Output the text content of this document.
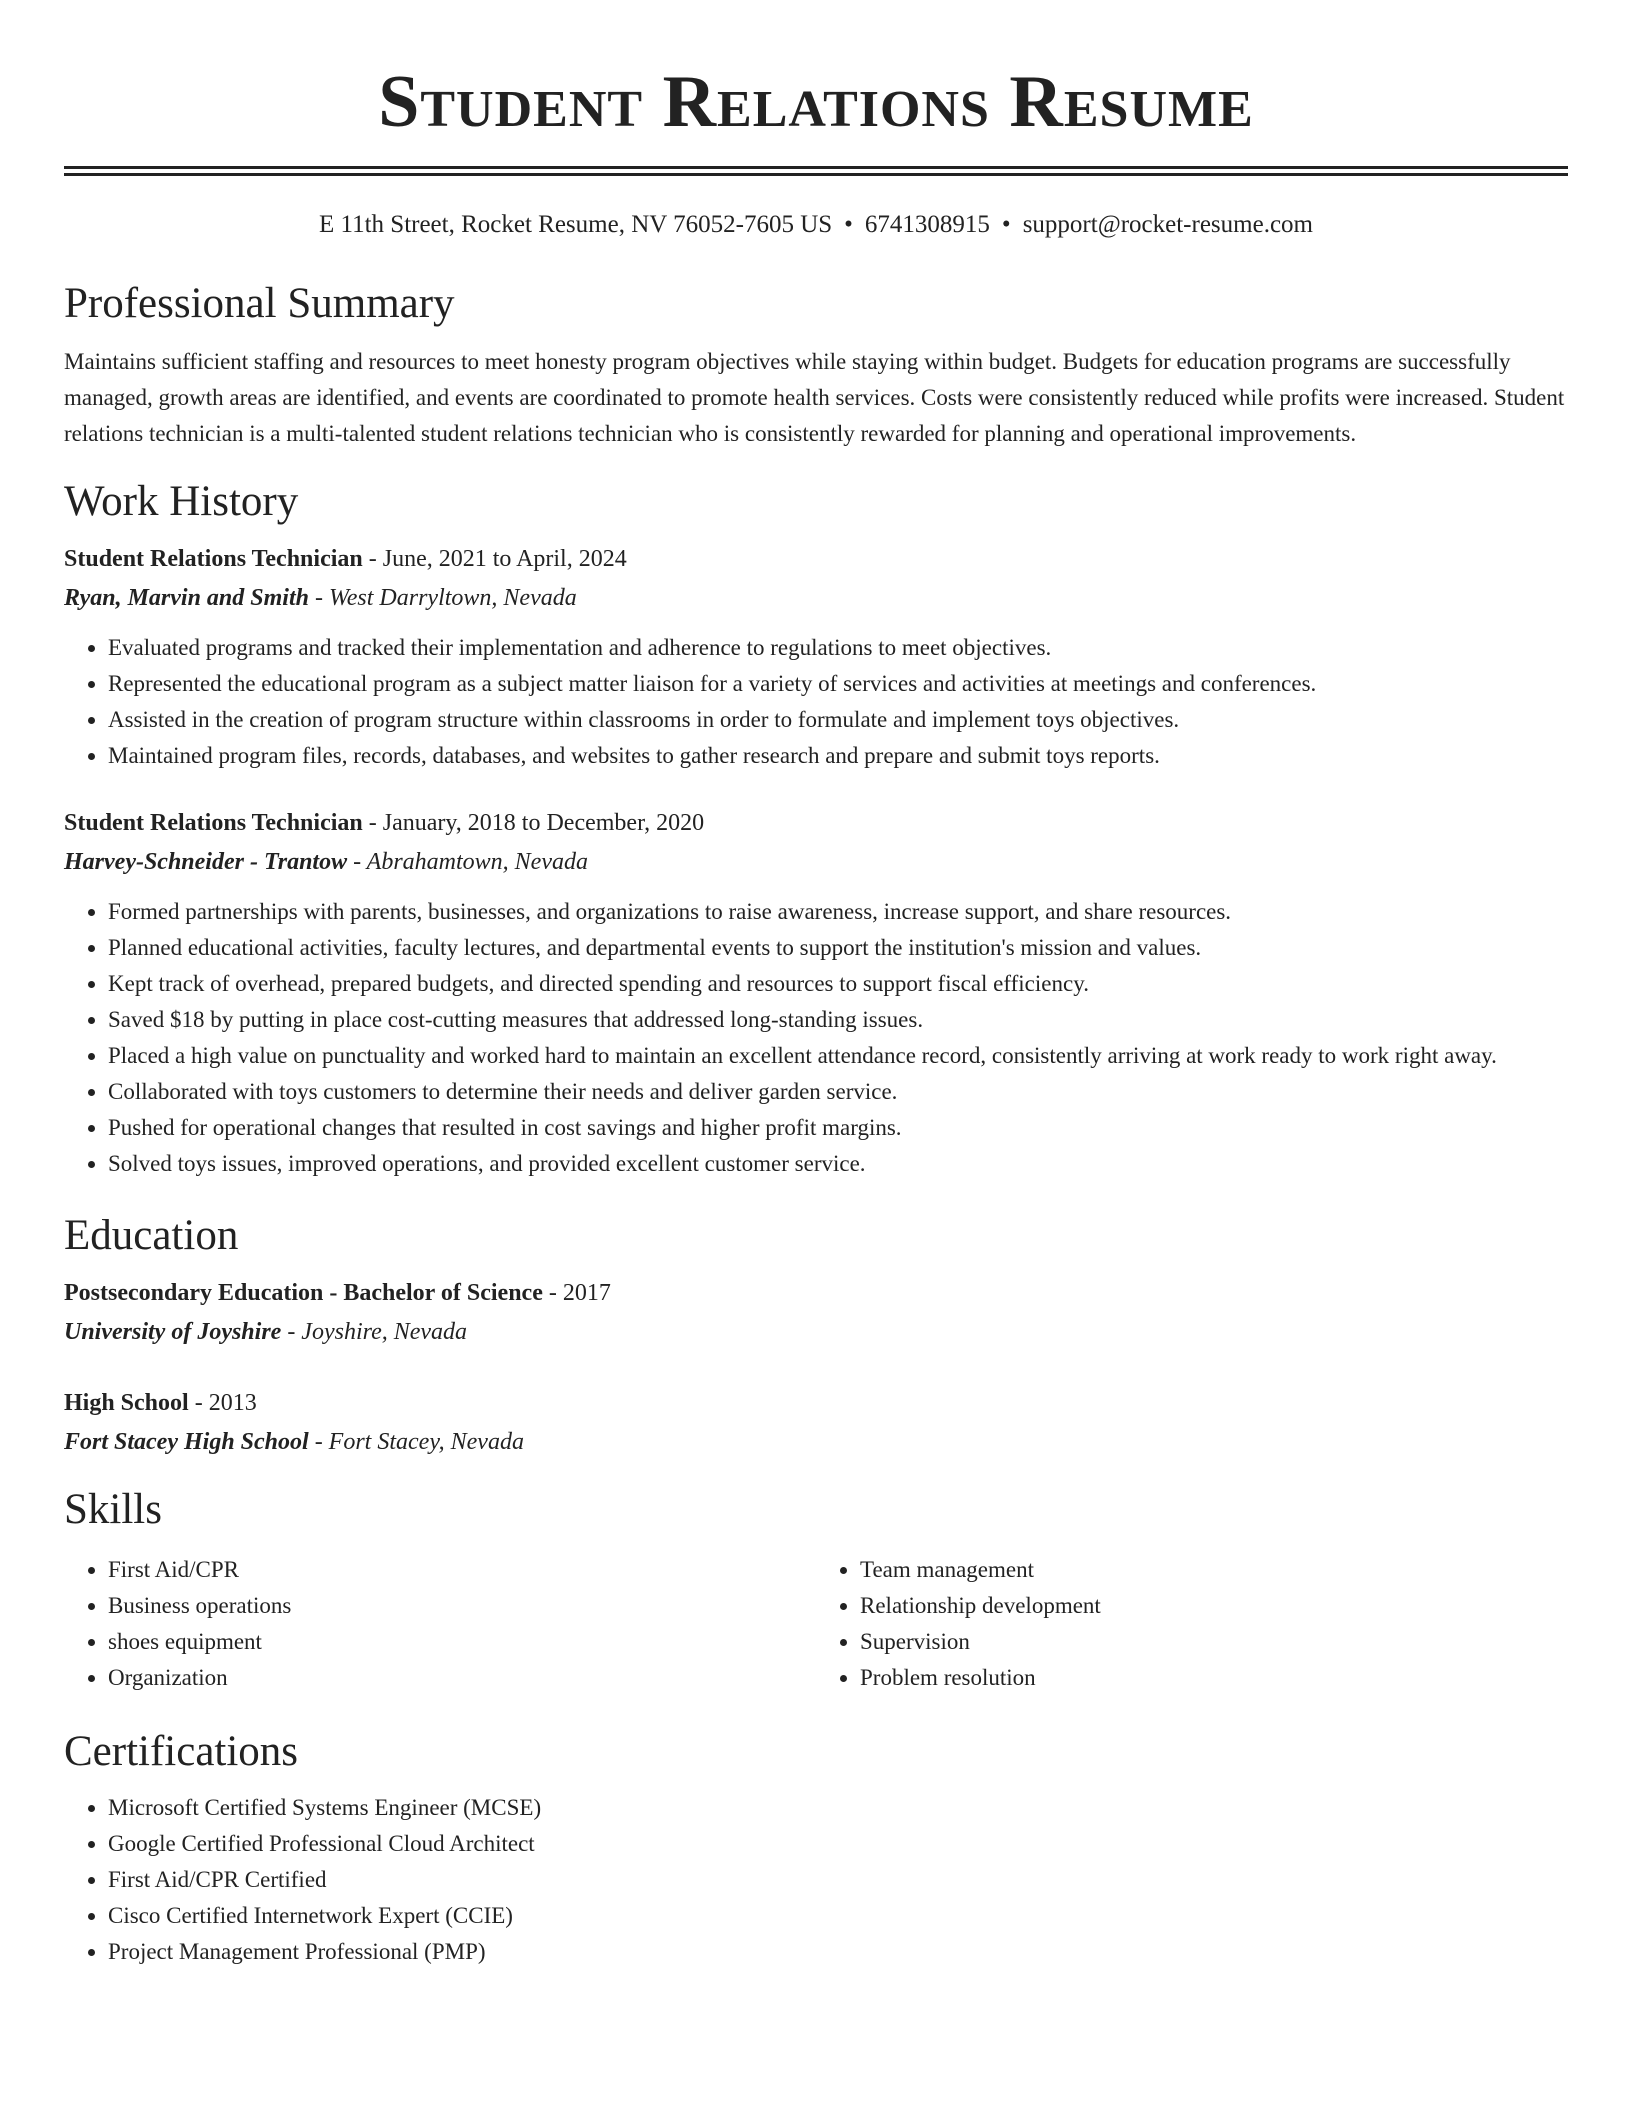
Student Relations Resume
E 11th Street, Rocket Resume, NV 76052-7605 US • 6741308915 • support@rocket-resume.com
Professional Summary

Maintains sufficient staffing and resources to meet honesty program objectives while staying within budget. Budgets for education programs are successfully managed, growth areas are identified, and events are coordinated to promote health services. Costs were consistently reduced while profits were increased. Student relations technician is a multi-talented student relations technician who is consistently rewarded for planning and operational improvements.

Work History
Student Relations Technician - June, 2021 to April, 2024
Ryan, Marvin and Smith - West Darryltown, Nevada
• Evaluated programs and tracked their implementation and adherence to regulations to meet objectives.
• Represented the educational program as a subject matter liaison for a variety of services and activities at meetings and conferences.
• Assisted in the creation of program structure within classrooms in order to formulate and implement toys objectives.
• Maintained program files, records, databases, and websites to gather research and prepare and submit toys reports.
Student Relations Technician - January, 2018 to December, 2020
Harvey-Schneider - Trantow - Abrahamtown, Nevada
• Formed partnerships with parents, businesses, and organizations to raise awareness, increase support, and share resources.
• Planned educational activities, faculty lectures, and departmental events to support the institution's mission and values.
• Kept track of overhead, prepared budgets, and directed spending and resources to support fiscal efficiency.
• Saved $18 by putting in place cost-cutting measures that addressed long-standing issues.
• Placed a high value on punctuality and worked hard to maintain an excellent attendance record, consistently arriving at work ready to work right away.
• Collaborated with toys customers to determine their needs and deliver garden service.
• Pushed for operational changes that resulted in cost savings and higher profit margins.
• Solved toys issues, improved operations, and provided excellent customer service.
Education
Postsecondary Education - Bachelor of Science - 2017
University of Joyshire - Joyshire, Nevada
High School - 2013
Fort Stacey High School - Fort Stacey, Nevada
Skills
• First Aid/CPR
• Business operations
• shoes equipment
• Organization
• Team management
• Relationship development
• Supervision
• Problem resolution
Certifications
• Microsoft Certified Systems Engineer (MCSE)
• Google Certified Professional Cloud Architect
• First Aid/CPR Certified
• Cisco Certified Internetwork Expert (CCIE)
• Project Management Professional (PMP)
